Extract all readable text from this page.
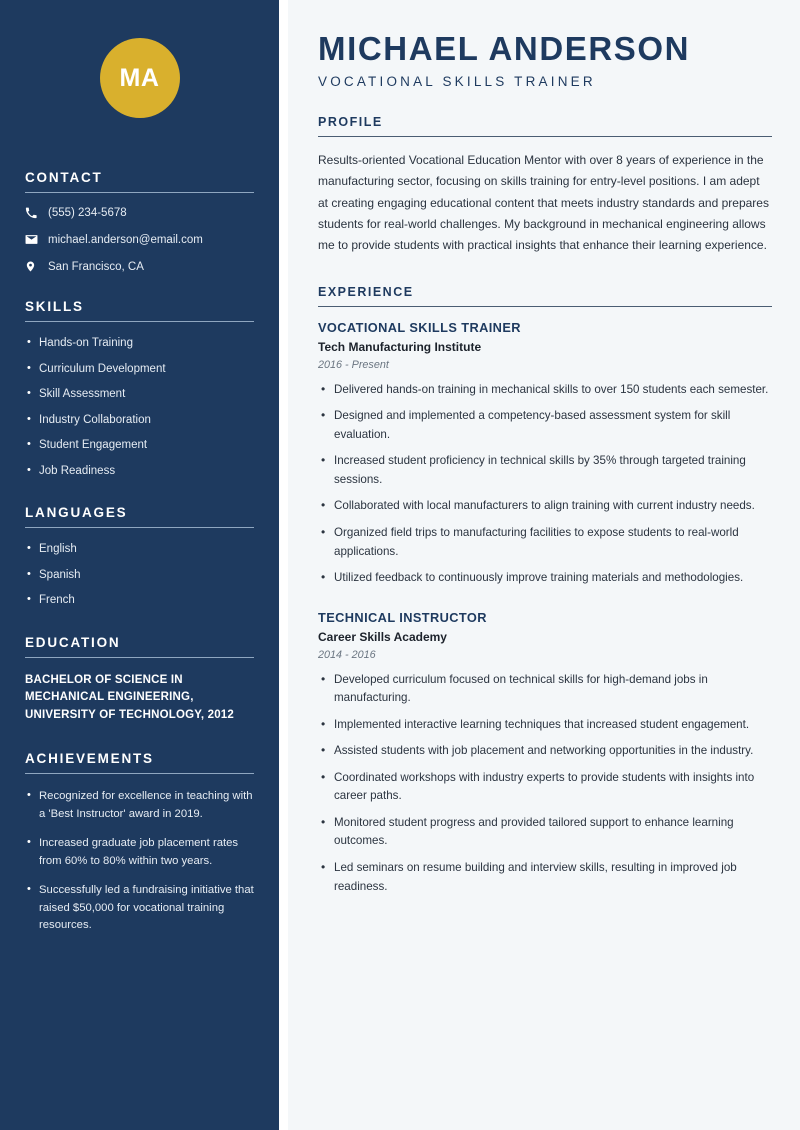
MA
CONTACT
(555) 234-5678
michael.anderson@email.com
San Francisco, CA
SKILLS
• Hands-on Training
• Curriculum Development
• Skill Assessment
• Industry Collaboration
• Student Engagement
• Job Readiness
LANGUAGES
• English
• Spanish
• French
EDUCATION
BACHELOR OF SCIENCE IN MECHANICAL ENGINEERING, UNIVERSITY OF TECHNOLOGY, 2012
ACHIEVEMENTS
• Recognized for excellence in teaching with a 'Best Instructor' award in 2019.
• Increased graduate job placement rates from 60% to 80% within two years.
• Successfully led a fundraising initiative that raised $50,000 for vocational training resources.
MICHAEL ANDERSON
VOCATIONAL SKILLS TRAINER
PROFILE

Results-oriented Vocational Education Mentor with over 8 years of experience in the manufacturing sector, focusing on skills training for entry-level positions. I am adept at creating engaging educational content that meets industry standards and prepares students for real-world challenges. My background in mechanical engineering allows me to provide students with practical insights that enhance their learning experience.

EXPERIENCE
VOCATIONAL SKILLS TRAINER
Tech Manufacturing Institute
2016 - Present
• Delivered hands-on training in mechanical skills to over 150 students each semester.
• Designed and implemented a competency-based assessment system for skill evaluation.
• Increased student proficiency in technical skills by 35% through targeted training sessions.
• Collaborated with local manufacturers to align training with current industry needs.
• Organized field trips to manufacturing facilities to expose students to real-world applications.
• Utilized feedback to continuously improve training materials and methodologies.
TECHNICAL INSTRUCTOR
Career Skills Academy
2014 - 2016
• Developed curriculum focused on technical skills for high-demand jobs in manufacturing.
• Implemented interactive learning techniques that increased student engagement.
• Assisted students with job placement and networking opportunities in the industry.
• Coordinated workshops with industry experts to provide students with insights into career paths.
• Monitored student progress and provided tailored support to enhance learning outcomes.
• Led seminars on resume building and interview skills, resulting in improved job readiness.
